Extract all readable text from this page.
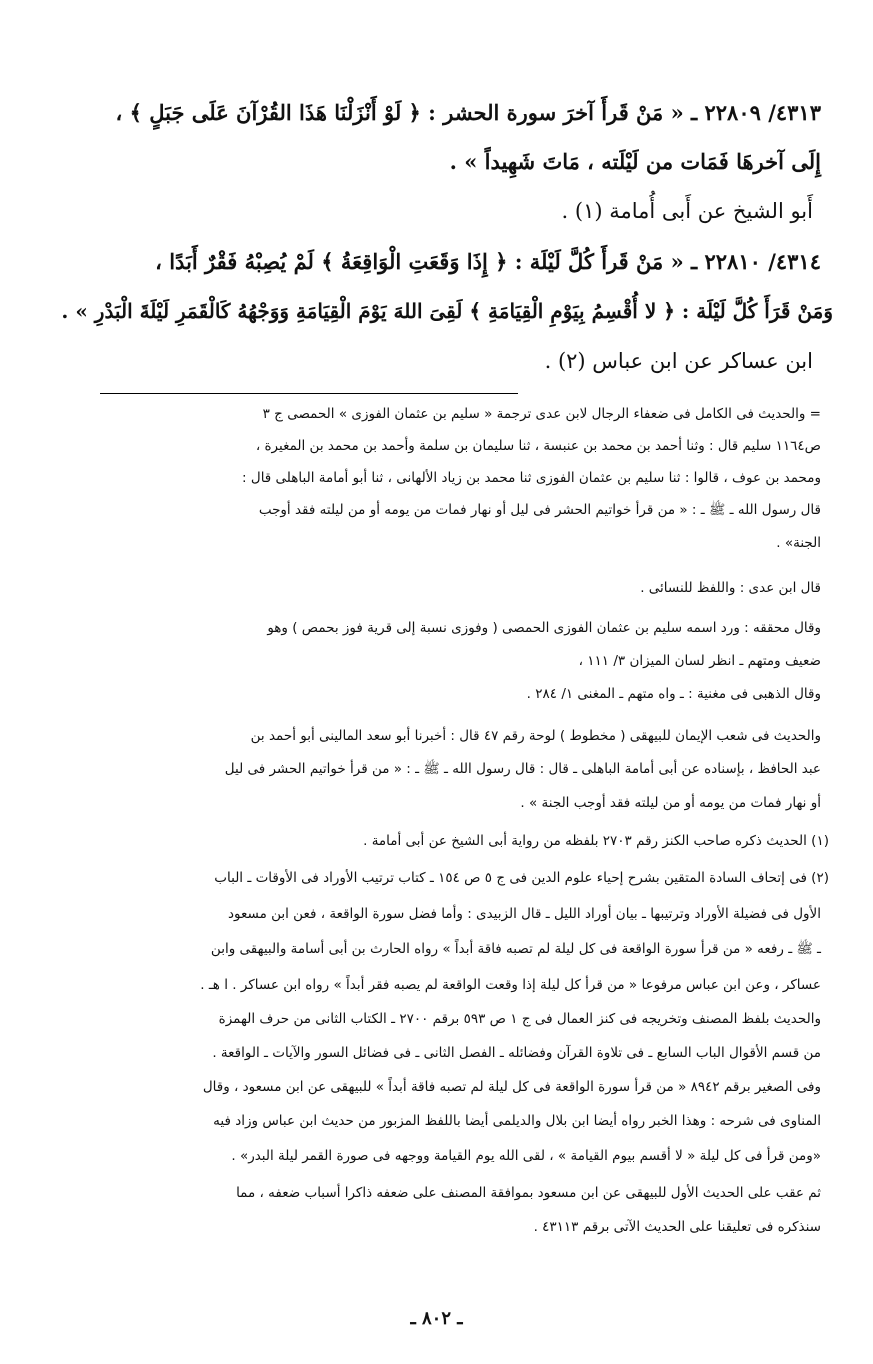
٤٣١٣/ ٢٢٨٠٩ ـ « مَنْ قَرأَ آخرَ سورة الحشر : ﴿ لَوْ أَنْزَلْنَا هَذَا القُرْآنَ عَلَى جَبَلٍ ﴾ ،
إِلَى آخرهَا فَمَات من لَيْلَته ، مَاتَ شَهِيداً » .
أَبو الشيخ عن أَبى أُمامة (١) .
٤٣١٤/ ٢٢٨١٠ ـ « مَنْ قَرأَ كُلَّ لَيْلَة : ﴿ إِذَا وَقَعَتِ الْوَاقِعَةُ ﴾ لَمْ يُصِبْهُ فَقْرٌ أَبَدًا ،
وَمَنْ قَرَأَ كُلَّ لَيْلَة : ﴿ لا أُقْسِمُ بِيَوْمِ الْقِيَامَةِ ﴾ لَقِىَ اللهَ يَوْمَ الْقِيَامَةِ وَوَجْهُهُ كَالْقَمَرِ لَيْلَةَ الْبَدْرِ » .
ابن عساكر عن ابن عباس (٢) .
= والحديث فى الكامل فى ضعفاء الرجال لابن عدى ترجمة « سليم بن عثمان الفوزى » الحمصى ج ٣
ص١١٦٤ سليم قال : وثنا أحمد بن محمد بن عنبسة ، ثنا سليمان بن سلمة وأحمد بن محمد بن المغيرة ،
ومحمد بن عوف ، قالوا : ثنا سليم بن عثمان الفوزى ثنا محمد بن زياد الألهانى ، ثنا أبو أمامة الباهلى قال :
قال رسول الله ـ ﷺ ـ : « من قرأ خواتيم الحشر فى ليل أو نهار فمات من يومه أو من ليلته فقد أوجب
الجنة» .
قال ابن عدى : واللفظ للنسائى .
وقال محققه : ورد اسمه سليم بن عثمان الفوزى الحمصى ( وفوزى نسبة إلى قرية فوز بحمص ) وهو
ضعيف ومتهم ـ انظر لسان الميزان ٣/ ١١١ ،
وقال الذهبى فى مغنية : ـ واه متهم ـ المغنى ١/ ٢٨٤ .
والحديث فى شعب الإيمان للبيهقى ( مخطوط ) لوحة رقم ٤٧ قال : أخبرنا أبو سعد المالينى أبو أحمد بن
عبد الحافظ ، بإسناده عن أبى أمامة الباهلى ـ قال : قال رسول الله ـ ﷺ ـ : « من قرأ خواتيم الحشر فى ليل
أو نهار فمات من يومه أو من ليلته فقد أوجب الجنة » .
(١) الحديث ذكره صاحب الكنز رقم ٢٧٠٣ بلفظه من رواية أبى الشيخ عن أبى أمامة .
(٢) فى إتحاف السادة المتقين بشرح إحياء علوم الدين فى ج ٥ ص ١٥٤ ـ كتاب ترتيب الأوراد فى الأوقات ـ الباب
الأول فى فضيلة الأوراد وترتيبها ـ بيان أوراد الليل ـ قال الزبيدى : وأما فضل سورة الواقعة ، فعن ابن مسعود
ـ ﷺ ـ رفعه « من قرأ سورة الواقعة فى كل ليلة لم تصبه فاقة أبداً » رواه الحارث بن أبى أسامة والبيهقى وابن
عساكر ، وعن ابن عباس مرفوعا « من قرأ كل ليلة إذا وقعت الواقعة لم يصبه فقر أبداً » رواه ابن عساكر . ا هـ .
والحديث بلفظ المصنف وتخريجه فى كنز العمال فى ج ١ ص ٥٩٣ برقم ٢٧٠٠ ـ الكتاب الثانى من حرف الهمزة
من قسم الأقوال الباب السابع ـ فى تلاوة القرآن وفضائله ـ الفصل الثانى ـ فى فضائل السور والآيات ـ الواقعة .
وفى الصغير برقم ٨٩٤٢ « من قرأ سورة الواقعة فى كل ليلة لم تصبه فاقة أبداً » للبيهقى عن ابن مسعود ، وقال
المناوى فى شرحه : وهذا الخبر رواه أيضا ابن بلال والديلمى أيضا باللفظ المزبور من حديث ابن عباس وزاد فيه
«ومن قرأ فى كل ليلة « لا أقسم بيوم القيامة » ، لقى الله يوم القيامة ووجهه فى صورة القمر ليلة البدر» .
ثم عقب على الحديث الأول للبيهقى عن ابن مسعود بموافقة المصنف على ضعفه ذاكرا أسباب ضعفه ، مما
سنذكره فى تعليقنا على الحديث الآتى برقم ٤٣١١٣ .
ـ ٨٠٢ ـ
